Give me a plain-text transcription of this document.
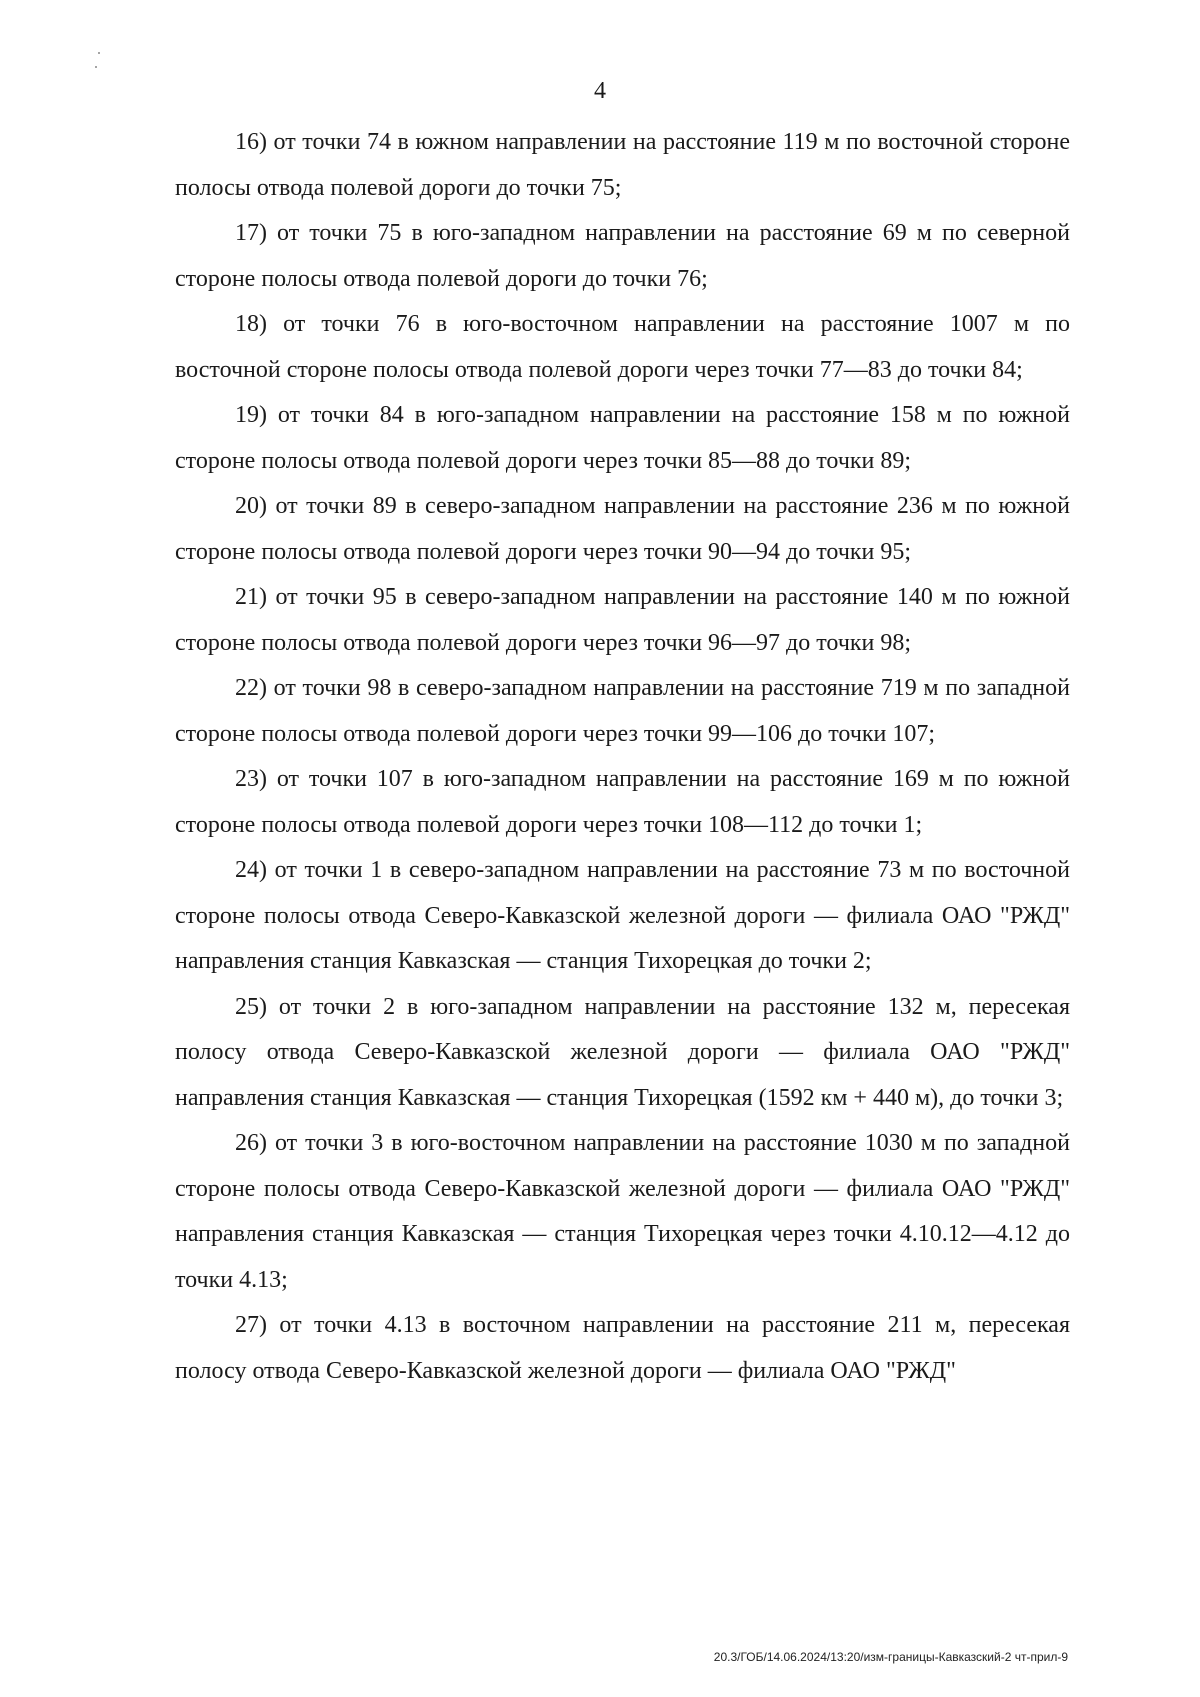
4

16) от точки 74 в южном направлении на расстояние 119 м по восточной стороне полосы отвода полевой дороги до точки 75;

17) от точки 75 в юго-западном направлении на расстояние 69 м по северной стороне полосы отвода полевой дороги до точки 76;

18) от точки 76 в юго-восточном направлении на расстояние 1007 м по восточной стороне полосы отвода полевой дороги через точки 77—83 до точки 84;

19) от точки 84 в юго-западном направлении на расстояние 158 м по южной стороне полосы отвода полевой дороги через точки 85—88 до точки 89;

20) от точки 89 в северо-западном направлении на расстояние 236 м по южной стороне полосы отвода полевой дороги через точки 90—94 до точки 95;

21) от точки 95 в северо-западном направлении на расстояние 140 м по южной стороне полосы отвода полевой дороги через точки 96—97 до точки 98;

22) от точки 98 в северо-западном направлении на расстояние 719 м по западной стороне полосы отвода полевой дороги через точки 99—106 до точки 107;

23) от точки 107 в юго-западном направлении на расстояние 169 м по южной стороне полосы отвода полевой дороги через точки 108—112 до точки 1;

24) от точки 1 в северо-западном направлении на расстояние 73 м по восточной стороне полосы отвода Северо-Кавказской железной дороги — филиала ОАО "РЖД" направления станция Кавказская — станция Тихорецкая до точки 2;

25) от точки 2 в юго-западном направлении на расстояние 132 м, пересекая полосу отвода Северо-Кавказской железной дороги — филиала ОАО "РЖД" направления станция Кавказская — станция Тихорецкая (1592 км + 440 м), до точки 3;

26) от точки 3 в юго-восточном направлении на расстояние 1030 м по западной стороне полосы отвода Северо-Кавказской железной дороги — филиала ОАО "РЖД" направления станция Кавказская — станция Тихорецкая через точки 4.10.12—4.12 до точки 4.13;

27) от точки 4.13 в восточном направлении на расстояние 211 м, пересекая полосу отвода Северо-Кавказской железной дороги — филиала ОАО "РЖД"

20.3/ГОБ/14.06.2024/13:20/изм-границы-Кавказский-2 чт-прил-9
